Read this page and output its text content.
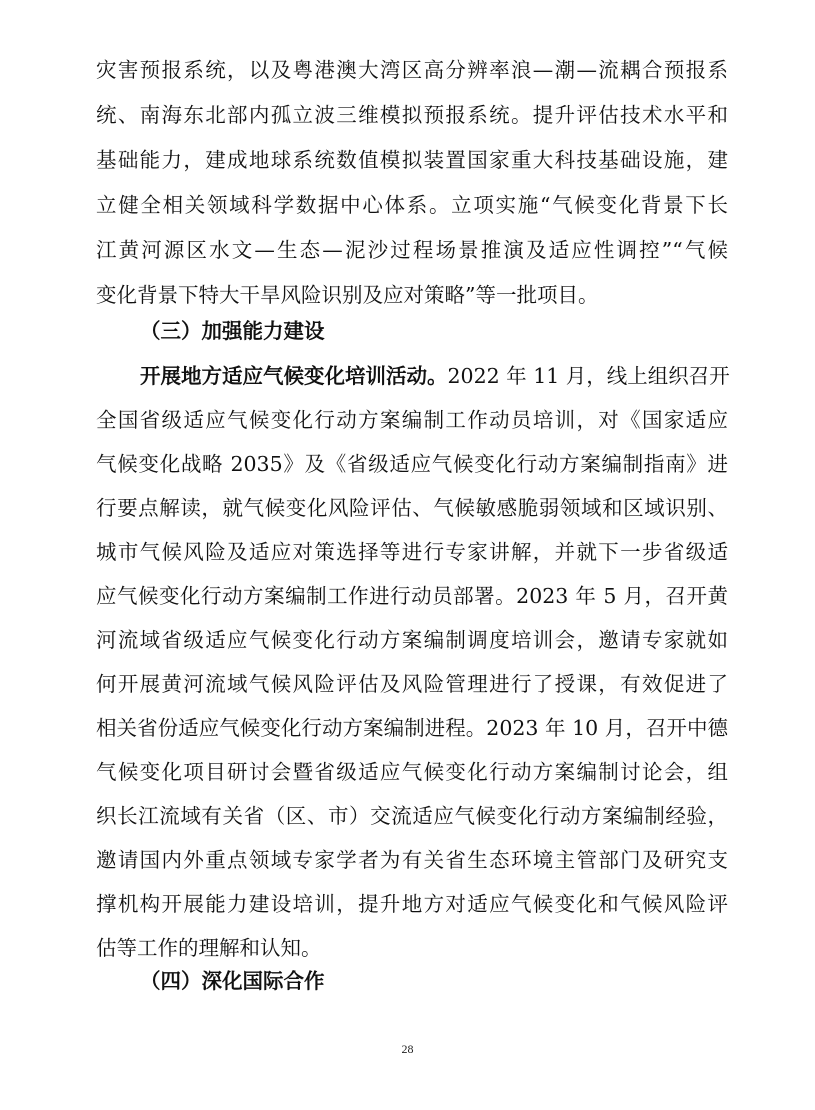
灾害预报系统，以及粤港澳大湾区高分辨率浪—潮—流耦合预报系
统、南海东北部内孤立波三维模拟预报系统。提升评估技术水平和
基础能力，建成地球系统数值模拟装置国家重大科技基础设施，建
立健全相关领域科学数据中心体系。立项实施“气候变化背景下长
江黄河源区水文—生态—泥沙过程场景推演及适应性调控”“气候
变化背景下特大干旱风险识别及应对策略”等一批项目。
（三）加强能力建设
开展地方适应气候变化培训活动。2022 年 11 月，线上组织召开
全国省级适应气候变化行动方案编制工作动员培训，对《国家适应
气候变化战略 2035》及《省级适应气候变化行动方案编制指南》进
行要点解读，就气候变化风险评估、气候敏感脆弱领域和区域识别、
城市气候风险及适应对策选择等进行专家讲解，并就下一步省级适
应气候变化行动方案编制工作进行动员部署。2023 年 5 月，召开黄
河流域省级适应气候变化行动方案编制调度培训会，邀请专家就如
何开展黄河流域气候风险评估及风险管理进行了授课，有效促进了
相关省份适应气候变化行动方案编制进程。2023 年 10 月，召开中德
气候变化项目研讨会暨省级适应气候变化行动方案编制讨论会，组
织长江流域有关省（区、市）交流适应气候变化行动方案编制经验，
邀请国内外重点领域专家学者为有关省生态环境主管部门及研究支
撑机构开展能力建设培训，提升地方对适应气候变化和气候风险评
估等工作的理解和认知。
（四）深化国际合作
28
